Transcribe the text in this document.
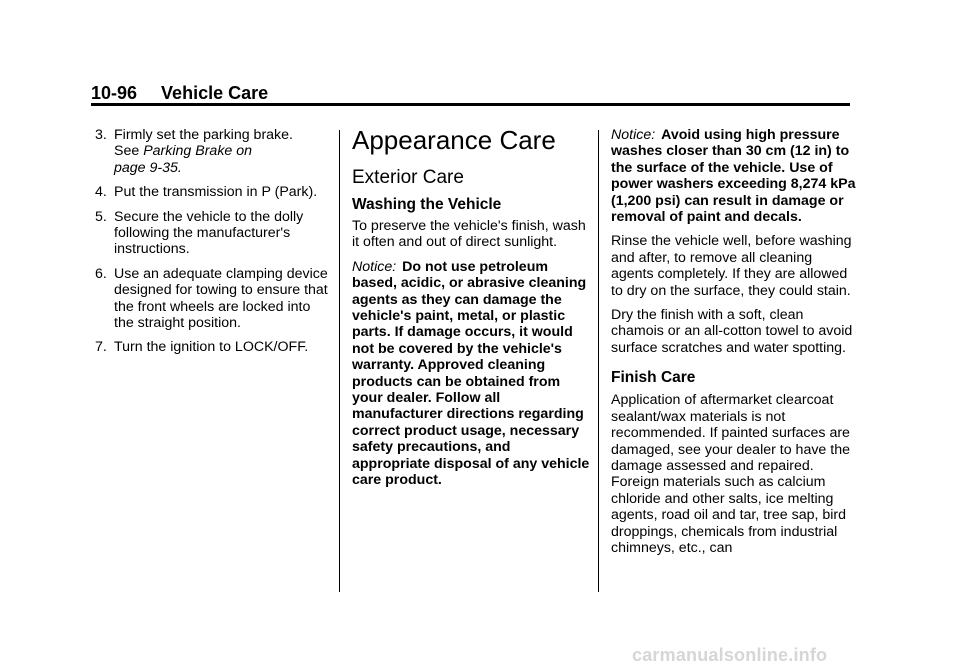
10-96 Vehicle Care
3. Firmly set the parking brake.
See Parking Brake on
page 9-35.
4. Put the transmission in P (Park).
5. Secure the vehicle to the dolly following the manufacturer's instructions.
6. Use an adequate clamping device designed for towing to ensure that the front wheels are locked into the straight position.
7. Turn the ignition to LOCK/OFF.
Appearance Care
Exterior Care
Washing the Vehicle

To preserve the vehicle's finish, wash it often and out of direct sunlight.

Notice: Do not use petroleum based, acidic, or abrasive cleaning agents as they can damage the vehicle's paint, metal, or plastic parts. If damage occurs, it would not be covered by the vehicle's warranty. Approved cleaning products can be obtained from your dealer. Follow all manufacturer directions regarding correct product usage, necessary safety precautions, and appropriate disposal of any vehicle care product.

Notice: Avoid using high pressure washes closer than 30 cm (12 in) to the surface of the vehicle. Use of power washers exceeding 8,274 kPa (1,200 psi) can result in damage or removal of paint and decals.

Rinse the vehicle well, before washing and after, to remove all cleaning agents completely. If they are allowed to dry on the surface, they could stain.

Dry the finish with a soft, clean chamois or an all-cotton towel to avoid surface scratches and water spotting.

Finish Care

Application of aftermarket clearcoat sealant/wax materials is not recommended. If painted surfaces are damaged, see your dealer to have the damage assessed and repaired. Foreign materials such as calcium chloride and other salts, ice melting agents, road oil and tar, tree sap, bird droppings, chemicals from industrial chimneys, etc., can

carmanualsonline.info
